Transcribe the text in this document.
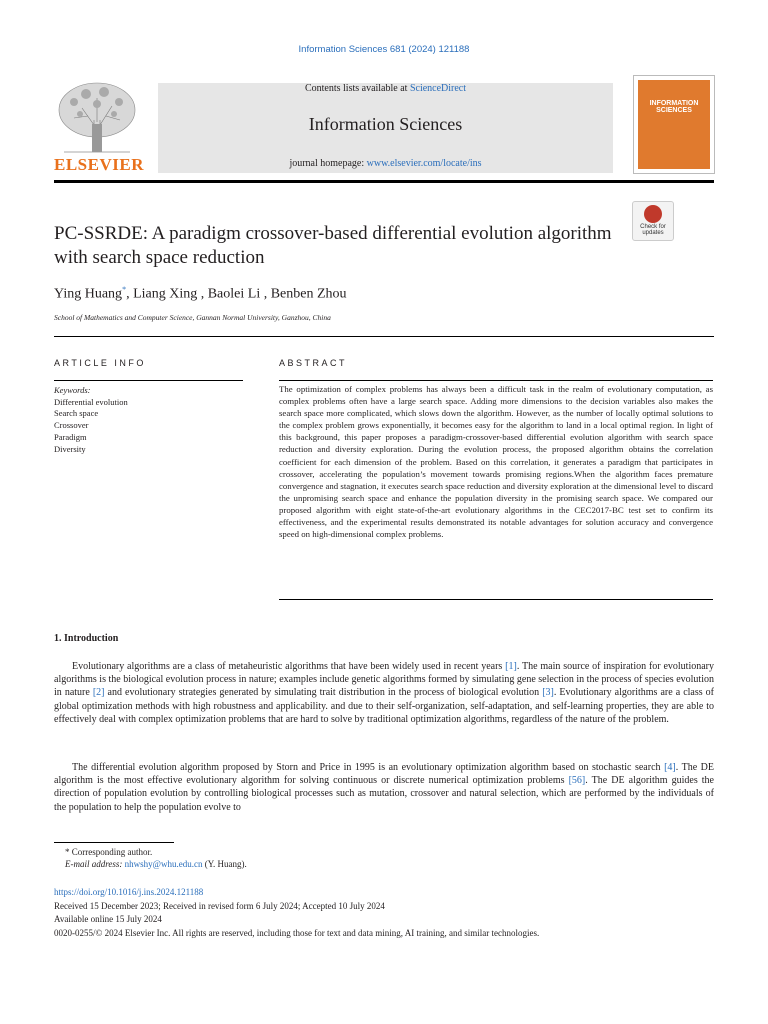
Information Sciences 681 (2024) 121188
ELSEVIER
Contents lists available at ScienceDirect
Information Sciences
journal homepage: www.elsevier.com/locate/ins
INFORMATION SCIENCES
Check for updates
PC-SSRDE: A paradigm crossover-based differential evolution algorithm with search space reduction
Ying Huang*, Liang Xing , Baolei Li , Benben Zhou
School of Mathematics and Computer Science, Gannan Normal University, Ganzhou, China
ARTICLE INFO	ABSTRACT
Keywords:
Differential evolution
Search space
Crossover
Paradigm
Diversity
The optimization of complex problems has always been a difficult task in the realm of evolutionary computation, as complex problems often have a large search space. Adding more dimensions to the decision variables also makes the search space more complicated, which slows down the algorithm. However, as the number of locally optimal solutions to the complex problem grows exponentially, it becomes easy for the algorithm to land in a local optimal region. In light of this background, this paper proposes a paradigm-crossover-based differential evolution algorithm with search space reduction and diversity exploration. During the evolution process, the proposed algorithm obtains the correlation coefficient for each dimension of the problem. Based on this correlation, it generates a paradigm that participates in crossover, accelerating the population’s movement towards promising regions.When the algorithm faces premature convergence and stagnation, it executes search space reduction and diversity exploration at the dimensional level to discard the unpromising search space and enhance the population diversity in the promising search space. We compared our proposed algorithm with eight state-of-the-art evolutionary algorithms in the CEC2017-BC test set to confirm its effectiveness, and the experimental results demonstrated its notable advantages for solution accuracy and convergence speed on high-dimensional complex problems.
1. Introduction

Evolutionary algorithms are a class of metaheuristic algorithms that have been widely used in recent years [1]. The main source of inspiration for evolutionary algorithms is the biological evolution process in nature; examples include genetic algorithms formed by simulating gene selection in the process of species evolution in nature [2] and evolutionary strategies generated by simulating trait distribution in the process of biological evolution [3]. Evolutionary algorithms are a class of global optimization methods with high robustness and applicability. and due to their self-organization, self-adaptation, and self-learning properties, they are able to effectively deal with complex optimization problems that are hard to solve by traditional optimization algorithms, regardless of the nature of the problem.

The differential evolution algorithm proposed by Storn and Price in 1995 is an evolutionary optimization algorithm based on stochastic search [4]. The DE algorithm is the most effective evolutionary algorithm for solving continuous or discrete numerical optimization problems [56]. The DE algorithm guides the direction of population evolution by controlling biological processes such as mutation, crossover and natural selection, which are performed by the individuals of the population to help the population evolve to

* Corresponding author.
E-mail address: nhwshy@whu.edu.cn (Y. Huang).
https://doi.org/10.1016/j.ins.2024.121188
Received 15 December 2023; Received in revised form 6 July 2024; Accepted 10 July 2024
Available online 15 July 2024
0020-0255/© 2024 Elsevier Inc. All rights are reserved, including those for text and data mining, AI training, and similar technologies.
